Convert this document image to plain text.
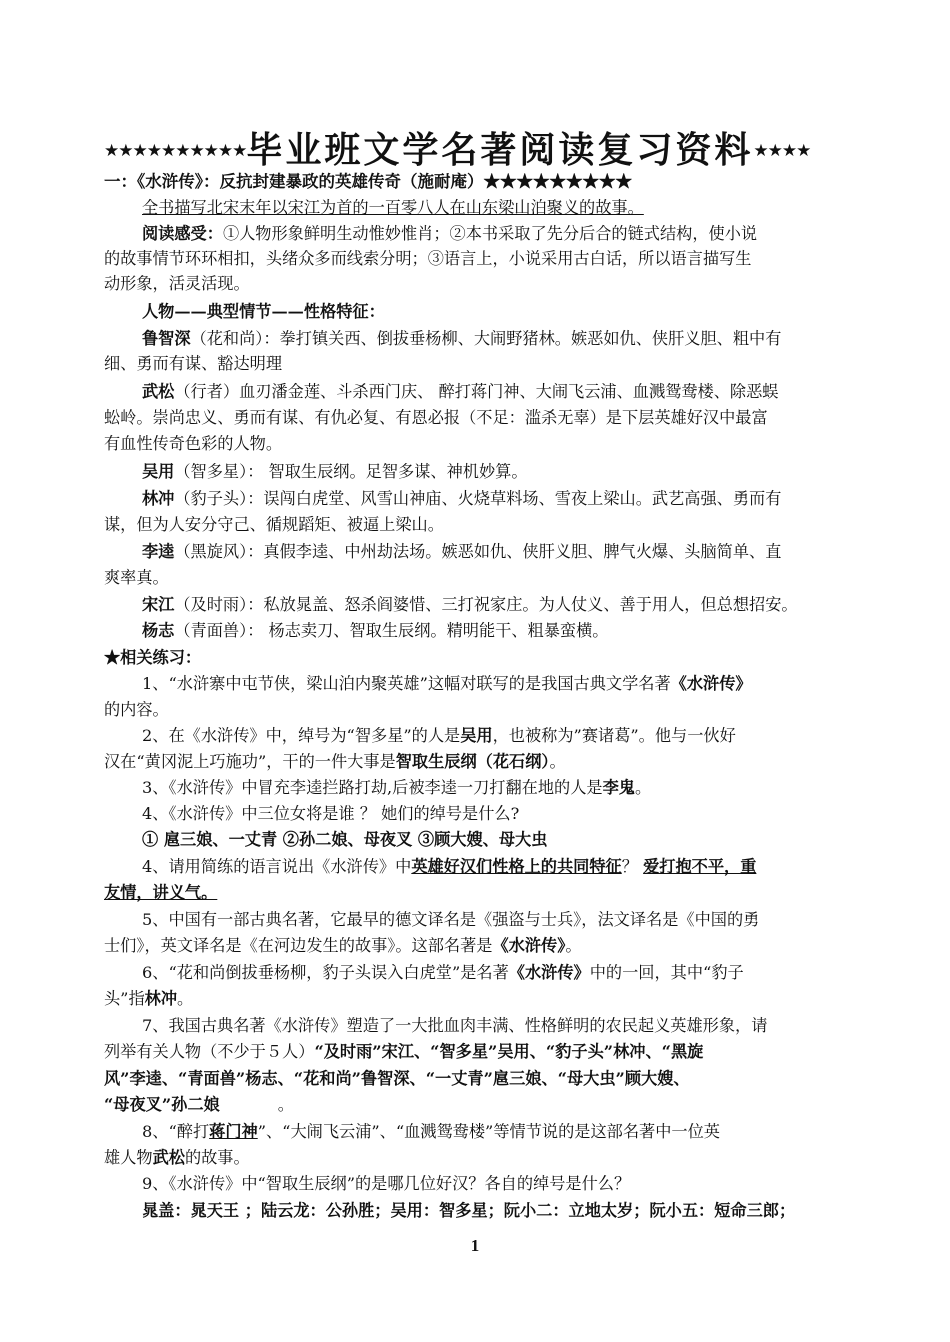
★★★★★★★★★★ 毕业班文学名著阅读复习资料 ★★★★
一：《水浒传》：反抗封建暴政的英雄传奇（施耐庵）★★★★★★★★★
全书描写北宋末年以宋江为首的一百零八人在山东梁山泊聚义的故事。
阅读感受：①人物形象鲜明生动惟妙惟肖；②本书采取了先分后合的链式结构，使小说
的故事情节环环相扣，头绪众多而线索分明；③语言上，小说采用古白话，所以语言描写生
动形象，活灵活现。
人物——典型情节——性格特征：
鲁智深（花和尚）：拳打镇关西、倒拔垂杨柳、大闹野猪林。嫉恶如仇、侠肝义胆、粗中有
细、勇而有谋、豁达明理
武松（行者）血刃潘金莲、斗杀西门庆、 醉打蒋门神、大闹飞云浦、血溅鸳鸯楼、除恶蜈
蚣岭。崇尚忠义、勇而有谋、有仇必复、有恩必报（不足：滥杀无辜）是下层英雄好汉中最富
有血性传奇色彩的人物。
吴用（智多星）： 智取生辰纲。足智多谋、神机妙算。
林冲（豹子头）：误闯白虎堂、风雪山神庙、火烧草料场、雪夜上梁山。武艺高强、勇而有
谋，但为人安分守己、循规蹈矩、被逼上梁山。
李逵（黑旋风）：真假李逵、中州劫法场。嫉恶如仇、侠肝义胆、脾气火爆、头脑简单、直
爽率真。
宋江（及时雨）：私放晁盖、怒杀阎婆惜、三打祝家庄。为人仗义、善于用人，但总想招安。
杨志（青面兽）： 杨志卖刀、智取生辰纲。精明能干、粗暴蛮横。
★相关练习：
1、“水浒寨中屯节侠，梁山泊内聚英雄”这幅对联写的是我国古典文学名著《水浒传》
的内容。
2、在《水浒传》中，绰号为“智多星”的人是吴用，也被称为”赛诸葛”。他与一伙好
汉在“黄冈泥上巧施功”，干的一件大事是智取生辰纲（花石纲）。
3、《水浒传》中冒充李逵拦路打劫,后被李逵一刀打翻在地的人是李鬼。
4、《水浒传》中三位女将是谁 ？ 她们的绰号是什么?
① 扈三娘、一丈青 ②孙二娘、母夜叉 ③顾大嫂、母大虫
4、请用简练的语言说出《水浒传》中英雄好汉们性格上的共同特征？ 爱打抱不平，重
友情，讲义气。
5、中国有一部古典名著，它最早的德文译名是《强盗与士兵》，法文译名是《中国的勇
士们》，英文译名是《在河边发生的故事》。这部名著是《水浒传》。
6、“花和尚倒拔垂杨柳，豹子头误入白虎堂”是名著《水浒传》中的一回，其中“豹子
头”指林冲。
7、我国古典名著《水浒传》塑造了一大批血肉丰满、性格鲜明的农民起义英雄形象，请
列举有关人物（不少于５人）“及时雨”宋江、“智多星”吴用、“豹子头”林冲、“黑旋
风”李逵、“青面兽”杨志、“花和尚”鲁智深、“一丈青”扈三娘、“母大虫”顾大嫂、
“母夜叉”孙二娘	。
8、“醉打蒋门神”、“大闹飞云浦”、“血溅鸳鸯楼”等情节说的是这部名著中一位英
雄人物武松的故事。
9、《水浒传》中“智取生辰纲”的是哪几位好汉？各自的绰号是什么？
晁盖：晁天王 ；陆云龙：公孙胜；吴用：智多星；阮小二：立地太岁；阮小五：短命三郎；
1
